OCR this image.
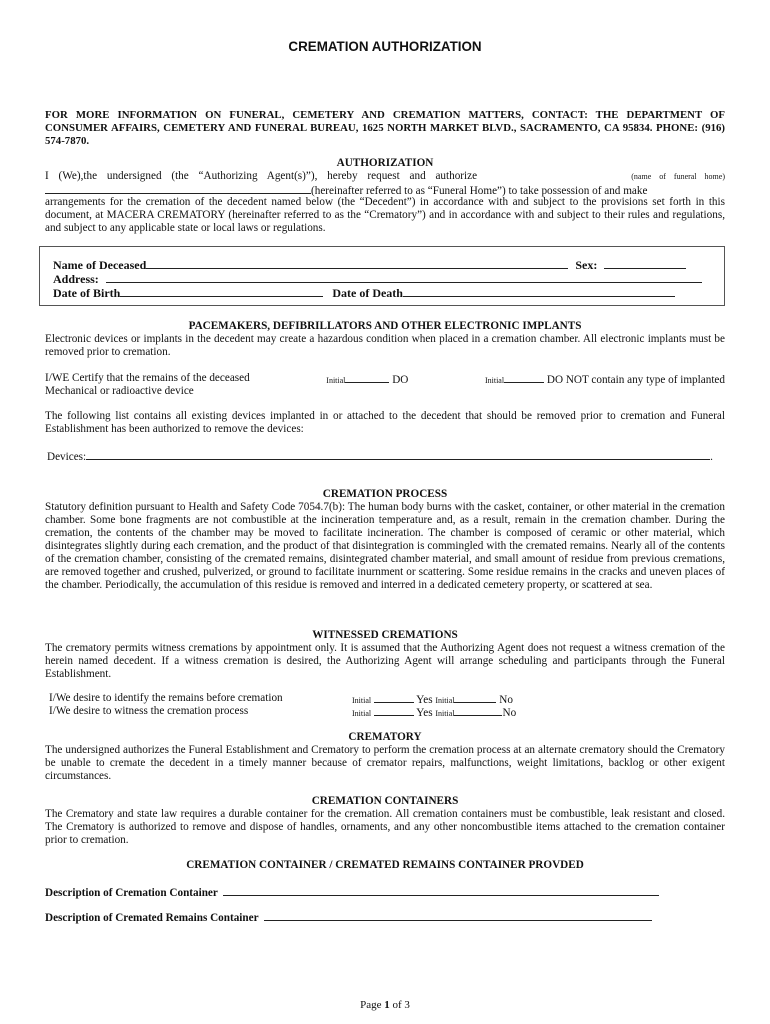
CREMATION AUTHORIZATION
FOR MORE INFORMATION ON FUNERAL, CEMETERY AND CREMATION MATTERS, CONTACT: THE DEPARTMENT OF CONSUMER AFFAIRS, CEMETERY AND FUNERAL BUREAU, 1625 NORTH MARKET BLVD., SACRAMENTO, CA 95834. PHONE: (916) 574-7870.
AUTHORIZATION
I (We),the undersigned (the “Authorizing Agent(s)”), hereby request and authorize	(name of funeral home)
(hereinafter referred to as “Funeral Home”) to take possession of and make
arrangements for the cremation of the decedent named below (the “Decedent”) in accordance with and subject to the provisions set forth in this document, at MACERA CREMATORY (hereinafter referred to as the “Crematory”) and in accordance with and subject to their rules and regulations, and subject to any applicable state or local laws or regulations.
Name of Deceased	Sex:
Address:
Date of Birth	Date of Death
PACEMAKERS, DEFIBRILLATORS AND OTHER ELECTRONIC IMPLANTS
Electronic devices or implants in the decedent may create a hazardous condition when placed in a cremation chamber. All electronic implants must be removed prior to cremation.
I/WE Certify that the remains of the deceased	Initial	DO	Initial	DO NOT contain any type of implanted
Mechanical or radioactive device
The following list contains all existing devices implanted in or attached to the decedent that should be removed prior to cremation and Funeral Establishment has been authorized to remove the devices:
Devices:	.
CREMATION PROCESS
Statutory definition pursuant to Health and Safety Code 7054.7(b): The human body burns with the casket, container, or other material in the cremation chamber. Some bone fragments are not combustible at the incineration temperature and, as a result, remain in the cremation chamber. During the cremation, the contents of the chamber may be moved to facilitate incineration. The chamber is composed of ceramic or other material, which disintegrates slightly during each cremation, and the product of that disintegration is commingled with the cremated remains. Nearly all of the contents of the cremation chamber, consisting of the cremated remains, disintegrated chamber material, and small amount of residue from previous cremations, are removed together and crushed, pulverized, or ground to facilitate inurnment or scattering. Some residue remains in the cracks and uneven places of the chamber. Periodically, the accumulation of this residue is removed and interred in a dedicated cemetery property, or scattered at sea.
WITNESSED CREMATIONS
The crematory permits witness cremations by appointment only. It is assumed that the Authorizing Agent does not request a witness cremation of the herein named decedent. If a witness cremation is desired, the Authorizing Agent will arrange scheduling and participants through the Funeral Establishment.
I/We desire to identify the remains before cremation	Initial	Yes Initial	No
I/We desire to witness the cremation process	Initial	Yes Initial	No
CREMATORY
The undersigned authorizes the Funeral Establishment and Crematory to perform the cremation process at an alternate crematory should the Crematory be unable to cremate the decedent in a timely manner because of cremator repairs, malfunctions, weight limitations, backlog or other exigent circumstances.
CREMATION CONTAINERS
The Crematory and state law requires a durable container for the cremation. All cremation containers must be combustible, leak resistant and closed. The Crematory is authorized to remove and dispose of handles, ornaments, and any other noncombustible items attached to the cremation container prior to cremation.
CREMATION CONTAINER / CREMATED REMAINS CONTAINER PROVDED
Description of Cremation Container
Description of Cremated Remains Container
Page 1 of 3
